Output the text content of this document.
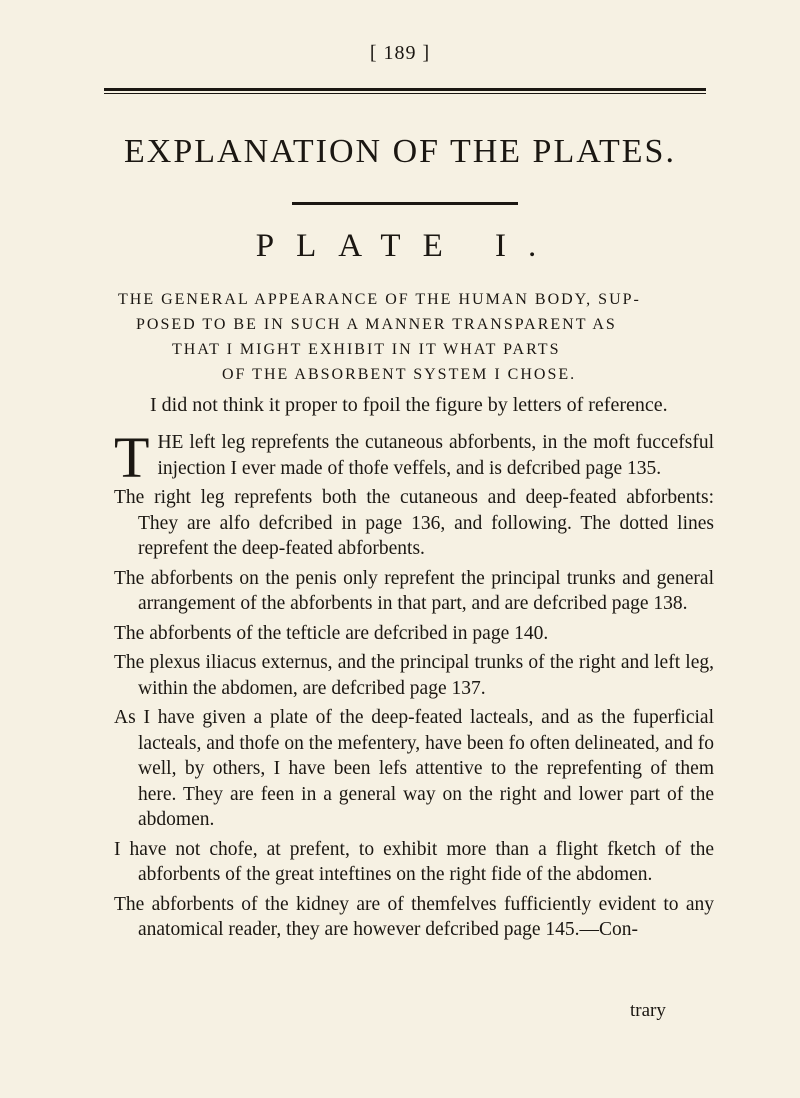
[ 189 ]
EXPLANATION OF THE PLATES.
PLATE I.
THE GENERAL APPEARANCE OF THE HUMAN BODY, SUP-
POSED TO BE IN SUCH A MANNER TRANSPARENT AS
THAT I MIGHT EXHIBIT IN IT WHAT PARTS
OF THE ABSORBENT SYSTEM I CHOSE.
I did not think it proper to fpoil the figure by letters of reference.

THE left leg reprefents the cutaneous abforbents, in the moft fuccefsful injection I ever made of thofe veffels, and is defcribed page 135.

The right leg reprefents both the cutaneous and deep-feated abforbents: They are alfo defcribed in page 136, and following. The dotted lines reprefent the deep-feated abforbents.

The abforbents on the penis only reprefent the principal trunks and general arrangement of the abforbents in that part, and are defcribed page 138.

The abforbents of the tefticle are defcribed in page 140.

The plexus iliacus externus, and the principal trunks of the right and left leg, within the abdomen, are defcribed page 137.

As I have given a plate of the deep-feated lacteals, and as the fuperficial lacteals, and thofe on the mefentery, have been fo often delineated, and fo well, by others, I have been lefs attentive to the reprefenting of them here. They are feen in a general way on the right and lower part of the abdomen.

I have not chofe, at prefent, to exhibit more than a flight fketch of the abforbents of the great inteftines on the right fide of the abdomen.

The abforbents of the kidney are of themfelves fufficiently evident to any anatomical reader, they are however defcribed page 145.—Con-

trary
